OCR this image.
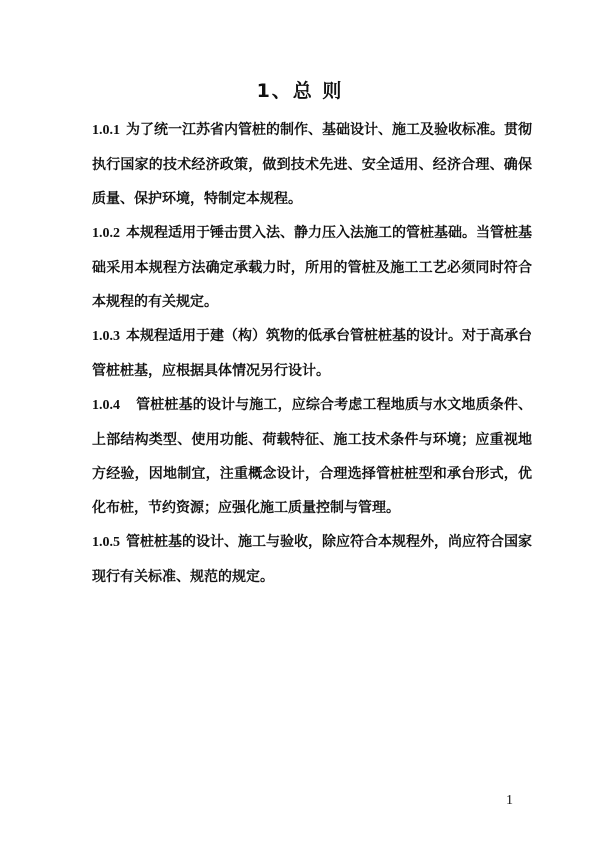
1、总 则

1.0.1 为了统一江苏省内管桩的制作、基础设计、施工及验收标准。贯彻执行国家的技术经济政策，做到技术先进、安全适用、经济合理、确保质量、保护环境，特制定本规程。

1.0.2 本规程适用于锤击贯入法、静力压入法施工的管桩基础。当管桩基础采用本规程方法确定承载力时，所用的管桩及施工工艺必须同时符合本规程的有关规定。

1.0.3 本规程适用于建（构）筑物的低承台管桩桩基的设计。对于高承台管桩桩基，应根据具体情况另行设计。

1.0.4 管桩桩基的设计与施工，应综合考虑工程地质与水文地质条件、上部结构类型、使用功能、荷载特征、施工技术条件与环境；应重视地方经验，因地制宜，注重概念设计，合理选择管桩桩型和承台形式，优化布桩，节约资源；应强化施工质量控制与管理。

1.0.5 管桩桩基的设计、施工与验收，除应符合本规程外，尚应符合国家现行有关标准、规范的规定。

1
